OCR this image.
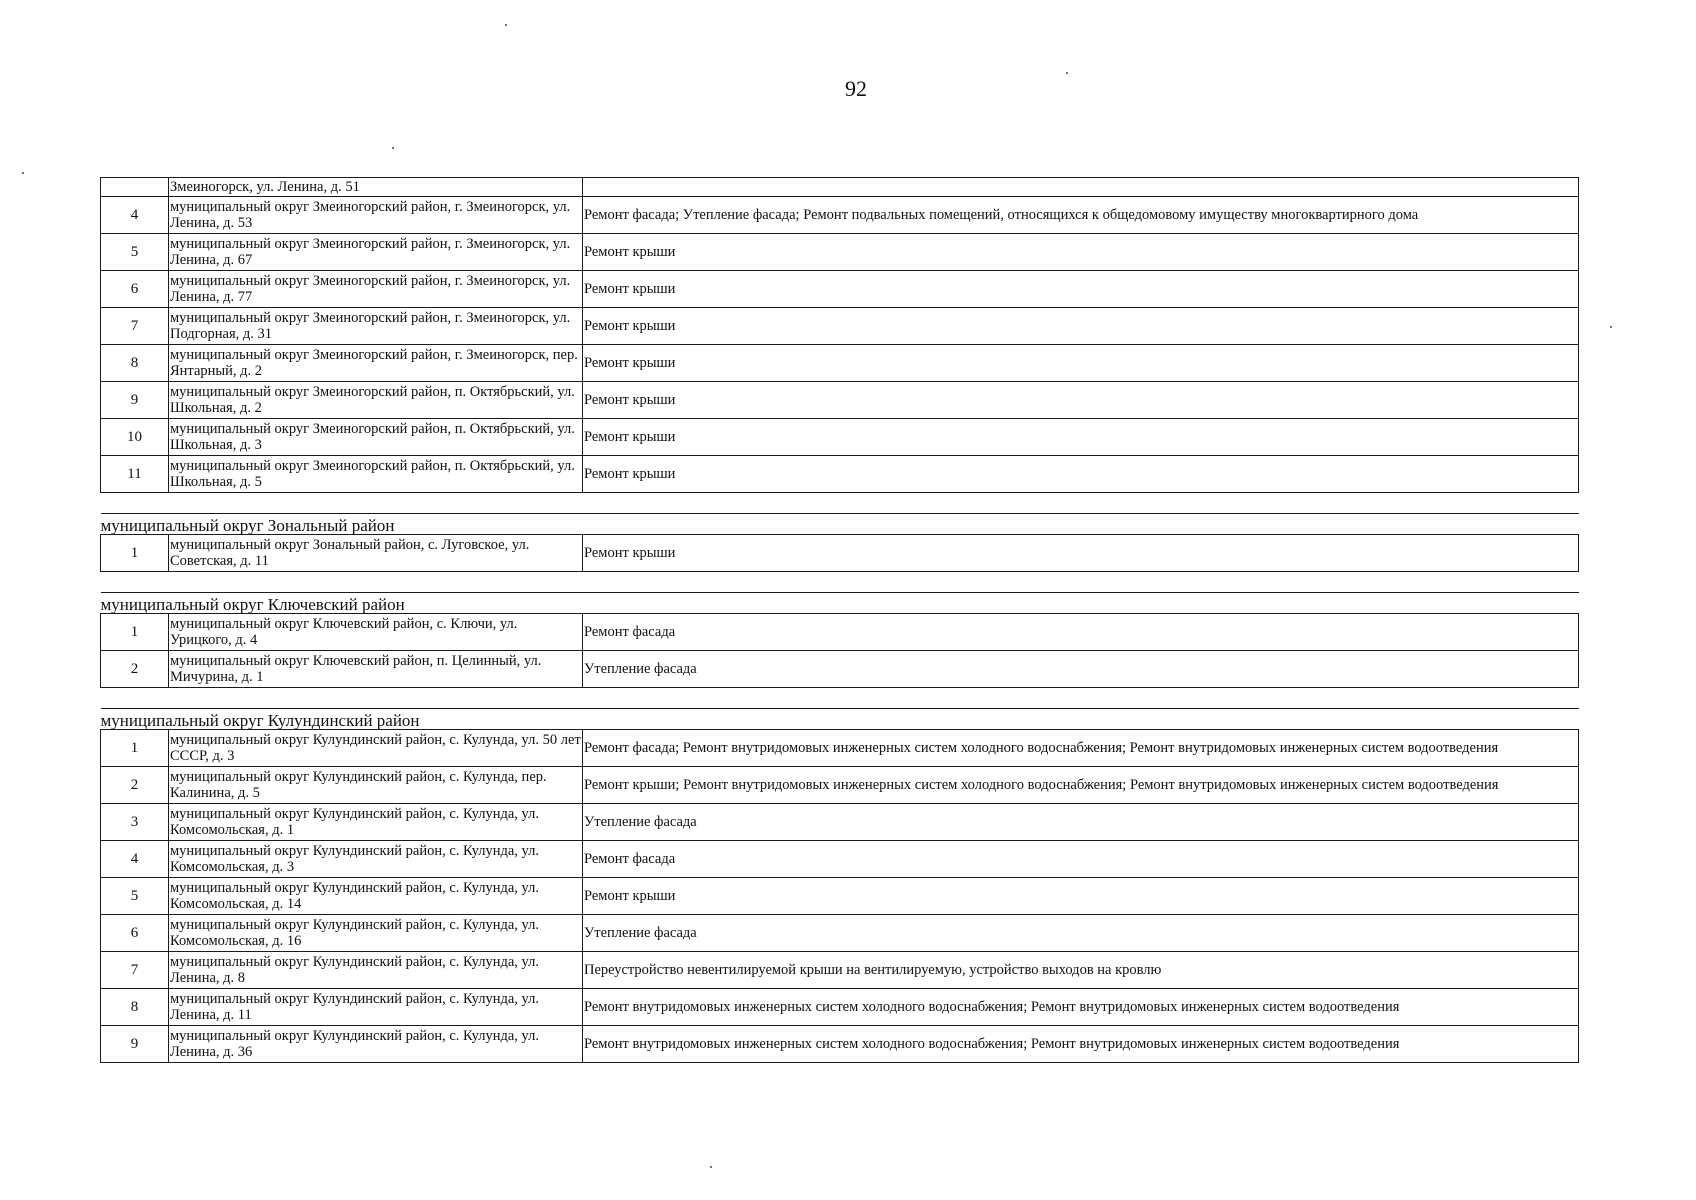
92
	Змеиногорск, ул. Ленина, д. 51	
4	муниципальный округ Змеиногорский район, г. Змеиногорск, ул. Ленина, д. 53	Ремонт фасада; Утепление фасада; Ремонт подвальных помещений, относящихся к общедомовому имуществу многоквартирного дома
5	муниципальный округ Змеиногорский район, г. Змеиногорск, ул. Ленина, д. 67	Ремонт крыши
6	муниципальный округ Змеиногорский район, г. Змеиногорск, ул. Ленина, д. 77	Ремонт крыши
7	муниципальный округ Змеиногорский район, г. Змеиногорск, ул. Подгорная, д. 31	Ремонт крыши
8	муниципальный округ Змеиногорский район, г. Змеиногорск, пер. Янтарный, д. 2	Ремонт крыши
9	муниципальный округ Змеиногорский район, п. Октябрьский, ул. Школьная, д. 2	Ремонт крыши
10	муниципальный округ Змеиногорский район, п. Октябрьский, ул. Школьная, д. 3	Ремонт крыши
11	муниципальный округ Змеиногорский район, п. Октябрьский, ул. Школьная, д. 5	Ремонт крыши

муниципальный округ Зональный район		
1	муниципальный округ Зональный район, с. Луговское, ул. Советская, д. 11	Ремонт крыши

муниципальный округ Ключевский район		
1	муниципальный округ Ключевский район, с. Ключи, ул. Урицкого, д. 4	Ремонт фасада
2	муниципальный округ Ключевский район, п. Целинный, ул. Мичурина, д. 1	Утепление фасада

муниципальный округ Кулундинский район		
1	муниципальный округ Кулундинский район, с. Кулунда, ул. 50 лет СССР, д. 3	Ремонт фасада; Ремонт внутридомовых инженерных систем холодного водоснабжения; Ремонт внутридомовых инженерных систем водоотведения
2	муниципальный округ Кулундинский район, с. Кулунда, пер. Калинина, д. 5	Ремонт крыши; Ремонт внутридомовых инженерных систем холодного водоснабжения; Ремонт внутридомовых инженерных систем водоотведения
3	муниципальный округ Кулундинский район, с. Кулунда, ул. Комсомольская, д. 1	Утепление фасада
4	муниципальный округ Кулундинский район, с. Кулунда, ул. Комсомольская, д. 3	Ремонт фасада
5	муниципальный округ Кулундинский район, с. Кулунда, ул. Комсомольская, д. 14	Ремонт крыши
6	муниципальный округ Кулундинский район, с. Кулунда, ул. Комсомольская, д. 16	Утепление фасада
7	муниципальный округ Кулундинский район, с. Кулунда, ул. Ленина, д. 8	Переустройство невентилируемой крыши на вентилируемую, устройство выходов на кровлю
8	муниципальный округ Кулундинский район, с. Кулунда, ул. Ленина, д. 11	Ремонт внутридомовых инженерных систем холодного водоснабжения; Ремонт внутридомовых инженерных систем водоотведения
9	муниципальный округ Кулундинский район, с. Кулунда, ул. Ленина, д. 36	Ремонт внутридомовых инженерных систем холодного водоснабжения; Ремонт внутридомовых инженерных систем водоотведения
